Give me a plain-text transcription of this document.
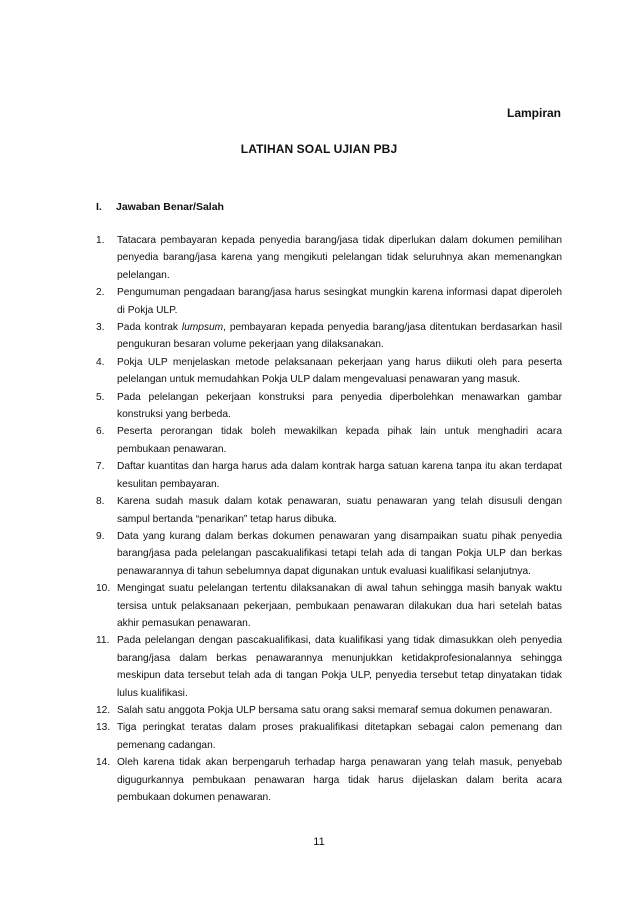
Lampiran
LATIHAN SOAL UJIAN PBJ
I. Jawaban Benar/Salah
1. Tatacara pembayaran kepada penyedia barang/jasa tidak diperlukan dalam dokumen pemilihan penyedia barang/jasa karena yang mengikuti pelelangan tidak seluruhnya akan memenangkan pelelangan.
2. Pengumuman pengadaan barang/jasa harus sesingkat mungkin karena informasi dapat diperoleh di Pokja ULP.
3. Pada kontrak lumpsum, pembayaran kepada penyedia barang/jasa ditentukan berdasarkan hasil pengukuran besaran volume pekerjaan yang dilaksanakan.
4. Pokja ULP menjelaskan metode pelaksanaan pekerjaan yang harus diikuti oleh para peserta pelelangan untuk memudahkan Pokja ULP dalam mengevaluasi penawaran yang masuk.
5. Pada pelelangan pekerjaan konstruksi para penyedia diperbolehkan menawarkan gambar konstruksi yang berbeda.
6. Peserta perorangan tidak boleh mewakilkan kepada pihak lain untuk menghadiri acara pembukaan penawaran.
7. Daftar kuantitas dan harga harus ada dalam kontrak harga satuan karena tanpa itu akan terdapat kesulitan pembayaran.
8. Karena sudah masuk dalam kotak penawaran, suatu penawaran yang telah disusuli dengan sampul bertanda “penarikan” tetap harus dibuka.
9. Data yang kurang dalam berkas dokumen penawaran yang disampaikan suatu pihak penyedia barang/jasa pada pelelangan pascakualifikasi tetapi telah ada di tangan Pokja ULP dan berkas penawarannya di tahun sebelumnya dapat digunakan untuk evaluasi kualifikasi selanjutnya.
10. Mengingat suatu pelelangan tertentu dilaksanakan di awal tahun sehingga masih banyak waktu tersisa untuk pelaksanaan pekerjaan, pembukaan penawaran dilakukan dua hari setelah batas akhir pemasukan penawaran.
11. Pada pelelangan dengan pascakualifikasi, data kualifikasi yang tidak dimasukkan oleh penyedia barang/jasa dalam berkas penawarannya menunjukkan ketidakprofesionalannya sehingga meskipun data tersebut telah ada di tangan Pokja ULP, penyedia tersebut tetap dinyatakan tidak lulus kualifikasi.
12. Salah satu anggota Pokja ULP bersama satu orang saksi memaraf semua dokumen penawaran.
13. Tiga peringkat teratas dalam proses prakualifikasi ditetapkan sebagai calon pemenang dan pemenang cadangan.
14. Oleh karena tidak akan berpengaruh terhadap harga penawaran yang telah masuk, penyebab digugurkannya pembukaan penawaran harga tidak harus dijelaskan dalam berita acara pembukaan dokumen penawaran.
11
